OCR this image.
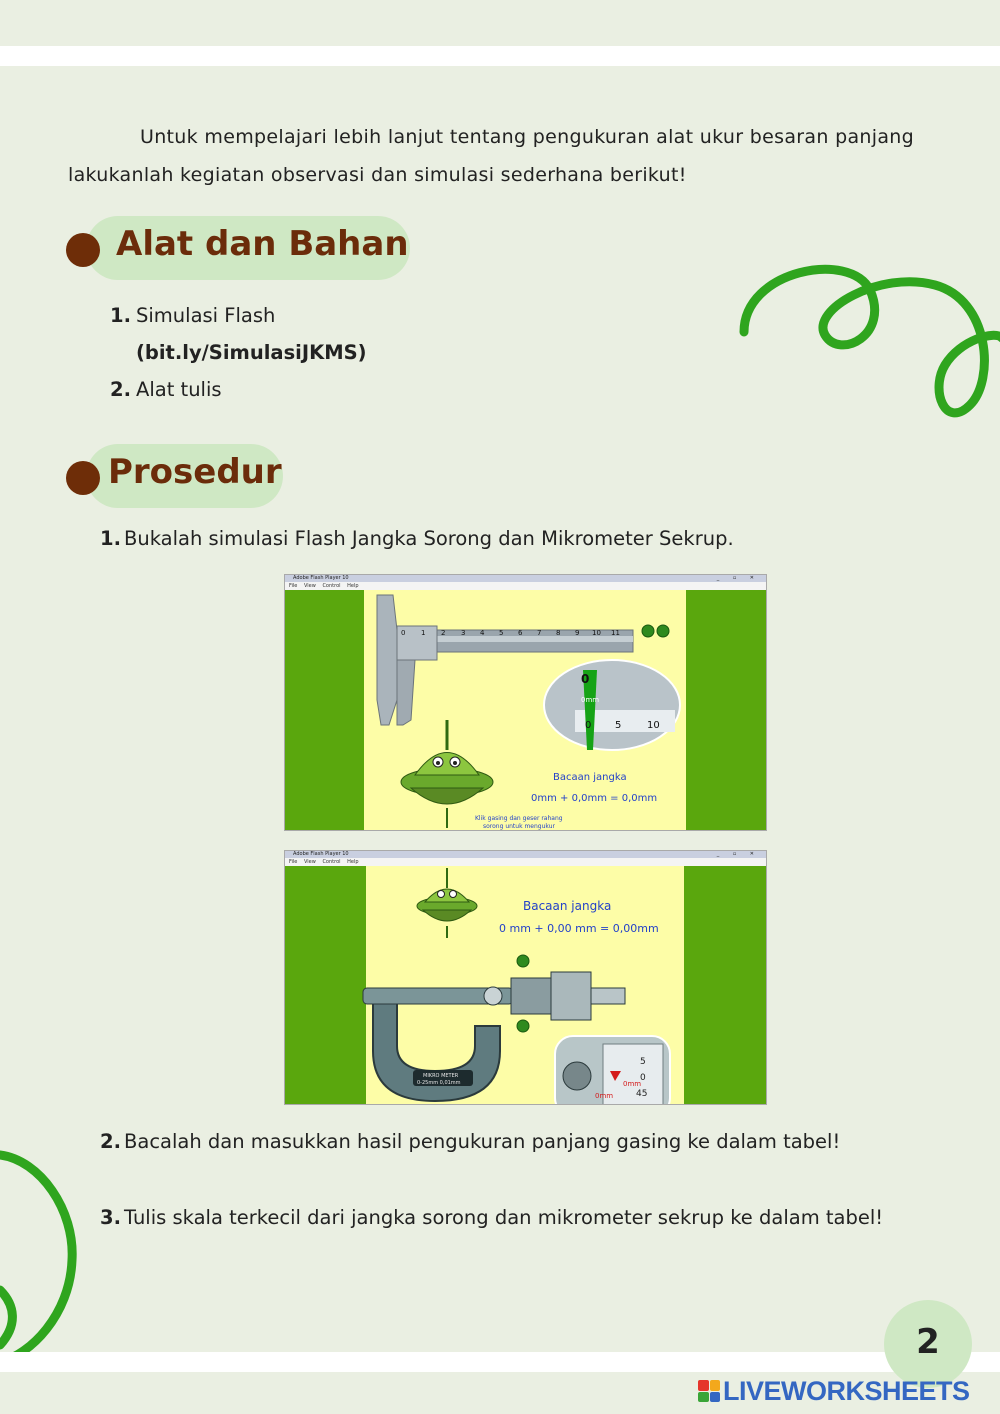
Untuk mempelajari lebih lanjut tentang pengukuran alat ukur besaran panjang lakukanlah kegiatan observasi dan simulasi sederhana berikut!
Alat dan Bahan
1. Simulasi Flash
(bit.ly/SimulasiJKMS)
2. Alat tulis
Prosedur
1. Bukalah simulasi Flash Jangka Sorong dan Mikrometer Sekrup.
Adobe Flash Player 10	_ ▫ ✕
File View Control Help
0 1 2 3 4 5 6 7 8 9 10 11
0
0mm
0 5	10
Bacaan jangka
0mm + 0,0mm = 0,0mm
Klik gasing dan geser rahang
sorong untuk mengukur
Adobe Flash Player 10	_ ▫ ✕
File View Control Help
Bacaan jangka
0 mm + 0,00 mm = 0,00mm
MIKRO METER
0-25mm 0,01mm
5
0
45
0mm
0mm
2. Bacalah dan masukkan hasil pengukuran panjang gasing ke dalam tabel!
3. Tulis skala terkecil dari jangka sorong dan mikrometer sekrup ke dalam tabel!
2
LIVEWORKSHEETS
